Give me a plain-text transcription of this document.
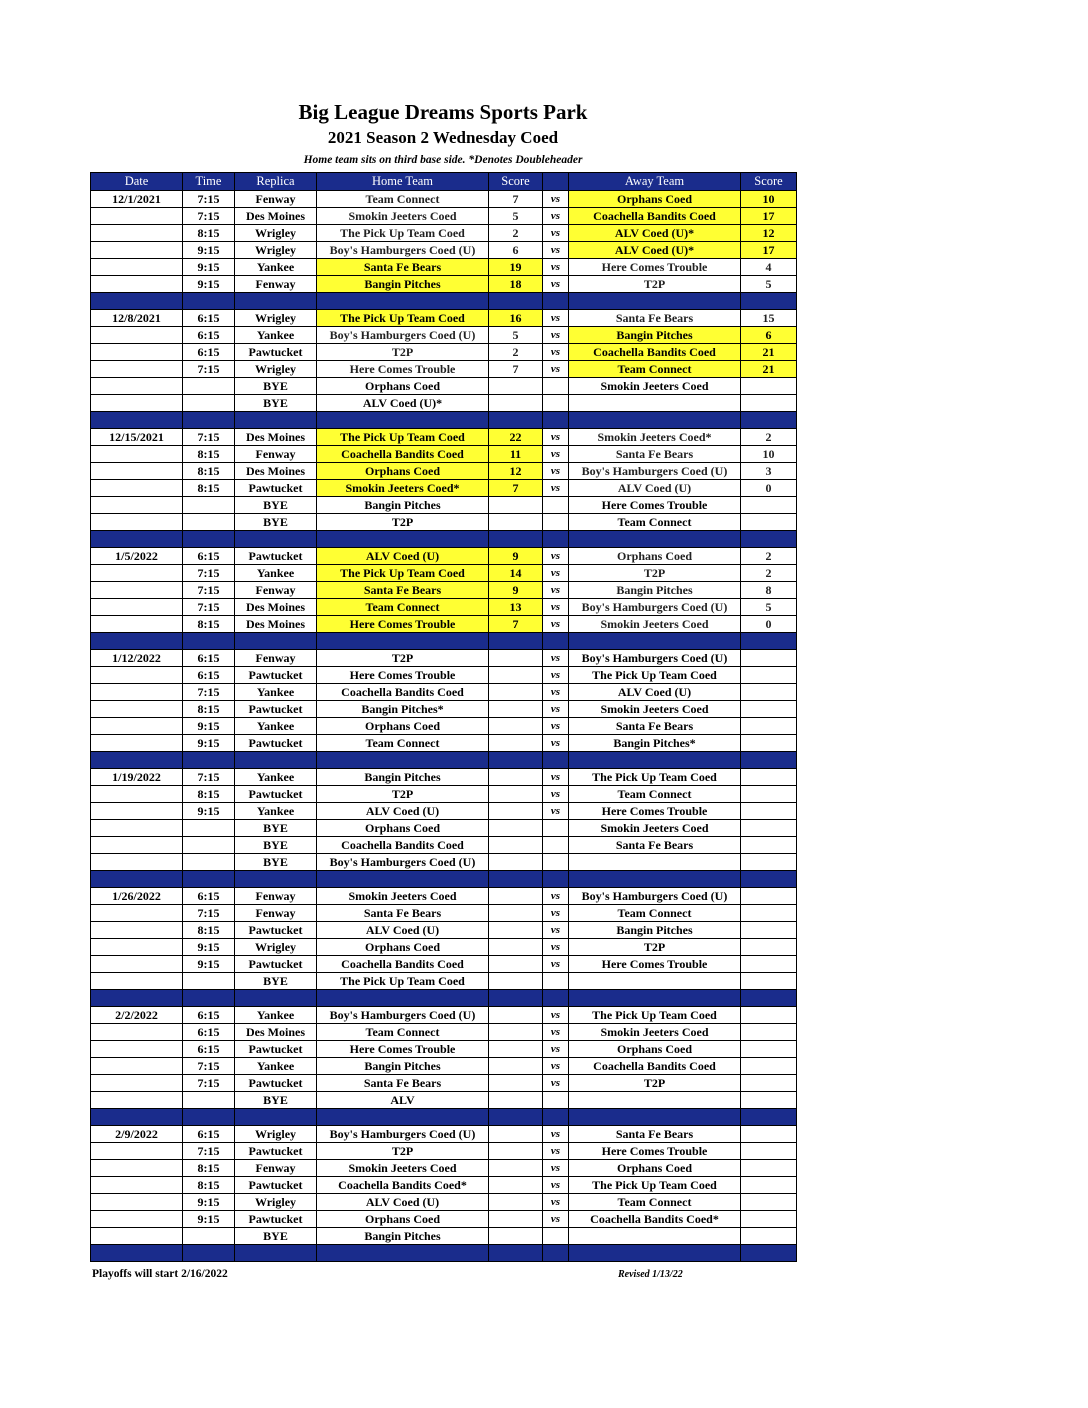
Big League Dreams Sports Park
2021 Season 2 Wednesday Coed
Home team sits on third base side. *Denotes Doubleheader
Date	Time	Replica	Home Team	Score		Away Team	Score
12/1/2021	7:15	Fenway	Team Connect	7	vs	Orphans Coed	10
	7:15	Des Moines	Smokin Jeeters Coed	5	vs	Coachella Bandits Coed	17
	8:15	Wrigley	The Pick Up Team Coed	2	vs	ALV Coed (U)*	12
	9:15	Wrigley	Boy's Hamburgers Coed (U)	6	vs	ALV Coed (U)*	17
	9:15	Yankee	Santa Fe Bears	19	vs	Here Comes Trouble	4
	9:15	Fenway	Bangin Pitches	18	vs	T2P	5

12/8/2021	6:15	Wrigley	The Pick Up Team Coed	16	vs	Santa Fe Bears	15
	6:15	Yankee	Boy's Hamburgers Coed (U)	5	vs	Bangin Pitches	6
	6:15	Pawtucket	T2P	2	vs	Coachella Bandits Coed	21
	7:15	Wrigley	Here Comes Trouble	7	vs	Team Connect	21
		BYE	Orphans Coed			Smokin Jeeters Coed	
		BYE	ALV Coed (U)*				

12/15/2021	7:15	Des Moines	The Pick Up Team Coed	22	vs	Smokin Jeeters Coed*	2
	8:15	Fenway	Coachella Bandits Coed	11	vs	Santa Fe Bears	10
	8:15	Des Moines	Orphans Coed	12	vs	Boy's Hamburgers Coed (U)	3
	8:15	Pawtucket	Smokin Jeeters Coed*	7	vs	ALV Coed (U)	0
		BYE	Bangin Pitches			Here Comes Trouble	
		BYE	T2P			Team Connect	

1/5/2022	6:15	Pawtucket	ALV Coed (U)	9	vs	Orphans Coed	2
	7:15	Yankee	The Pick Up Team Coed	14	vs	T2P	2
	7:15	Fenway	Santa Fe Bears	9	vs	Bangin Pitches	8
	7:15	Des Moines	Team Connect	13	vs	Boy's Hamburgers Coed (U)	5
	8:15	Des Moines	Here Comes Trouble	7	vs	Smokin Jeeters Coed	0

1/12/2022	6:15	Fenway	T2P		vs	Boy's Hamburgers Coed (U)	
	6:15	Pawtucket	Here Comes Trouble		vs	The Pick Up Team Coed	
	7:15	Yankee	Coachella Bandits Coed		vs	ALV Coed (U)	
	8:15	Pawtucket	Bangin Pitches*		vs	Smokin Jeeters Coed	
	9:15	Yankee	Orphans Coed		vs	Santa Fe Bears	
	9:15	Pawtucket	Team Connect		vs	Bangin Pitches*	

1/19/2022	7:15	Yankee	Bangin Pitches		vs	The Pick Up Team Coed	
	8:15	Pawtucket	T2P		vs	Team Connect	
	9:15	Yankee	ALV Coed (U)		vs	Here Comes Trouble	
		BYE	Orphans Coed			Smokin Jeeters Coed	
		BYE	Coachella Bandits Coed			Santa Fe Bears	
		BYE	Boy's Hamburgers Coed (U)				

1/26/2022	6:15	Fenway	Smokin Jeeters Coed		vs	Boy's Hamburgers Coed (U)	
	7:15	Fenway	Santa Fe Bears		vs	Team Connect	
	8:15	Pawtucket	ALV Coed (U)		vs	Bangin Pitches	
	9:15	Wrigley	Orphans Coed		vs	T2P	
	9:15	Pawtucket	Coachella Bandits Coed		vs	Here Comes Trouble	
		BYE	The Pick Up Team Coed				

2/2/2022	6:15	Yankee	Boy's Hamburgers Coed (U)		vs	The Pick Up Team Coed	
	6:15	Des Moines	Team Connect		vs	Smokin Jeeters Coed	
	6:15	Pawtucket	Here Comes Trouble		vs	Orphans Coed	
	7:15	Yankee	Bangin Pitches		vs	Coachella Bandits Coed	
	7:15	Pawtucket	Santa Fe Bears		vs	T2P	
		BYE	ALV				

2/9/2022	6:15	Wrigley	Boy's Hamburgers Coed (U)		vs	Santa Fe Bears	
	7:15	Pawtucket	T2P		vs	Here Comes Trouble	
	8:15	Fenway	Smokin Jeeters Coed		vs	Orphans Coed	
	8:15	Pawtucket	Coachella Bandits Coed*		vs	The Pick Up Team Coed	
	9:15	Wrigley	ALV Coed (U)		vs	Team Connect	
	9:15	Pawtucket	Orphans Coed		vs	Coachella Bandits Coed*	
		BYE	Bangin Pitches				

Playoffs will start 2/16/2022	Revised 1/13/22
